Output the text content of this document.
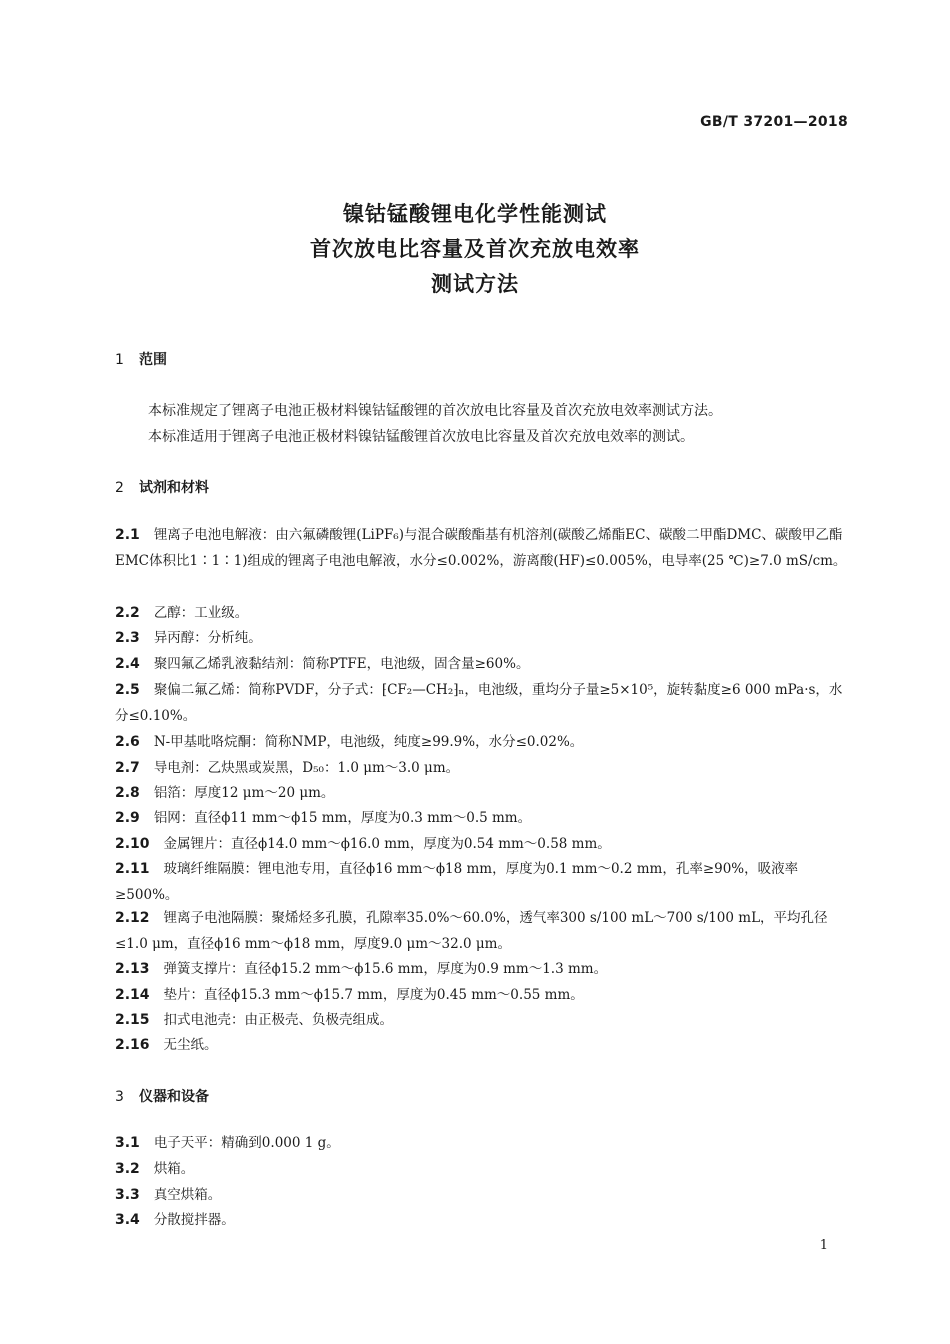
GB/T 37201—2018
镍钴锰酸锂电化学性能测试
首次放电比容量及首次充放电效率
测试方法
1 范围
本标准规定了锂离子电池正极材料镍钴锰酸锂的首次放电比容量及首次充放电效率测试方法。
本标准适用于锂离子电池正极材料镍钴锰酸锂首次放电比容量及首次充放电效率的测试。
2 试剂和材料
2.1 锂离子电池电解液：由六氟磷酸锂(LiPF₆)与混合碳酸酯基有机溶剂(碳酸乙烯酯EC、碳酸二甲酯DMC、碳酸甲乙酯EMC体积比1∶1∶1)组成的锂离子电池电解液，水分≤0.002%，游离酸(HF)≤0.005%，电导率(25 ℃)≥7.0 mS/cm。
2.2 乙醇：工业级。
2.3 异丙醇：分析纯。
2.4 聚四氟乙烯乳液黏结剂：简称PTFE，电池级，固含量≥60%。
2.5 聚偏二氟乙烯：简称PVDF，分子式：⁅CF₂—CH₂⁆ₙ，电池级，重均分子量≥5×10⁵，旋转黏度≥6 000 mPa·s，水分≤0.10%。
2.6 N-甲基吡咯烷酮：简称NMP，电池级，纯度≥99.9%，水分≤0.02%。
2.7 导电剂：乙炔黑或炭黑，D₅₀：1.0 μm～3.0 μm。
2.8 铝箔：厚度12 μm～20 μm。
2.9 铝网：直径ϕ11 mm～ϕ15 mm，厚度为0.3 mm～0.5 mm。
2.10 金属锂片：直径ϕ14.0 mm～ϕ16.0 mm，厚度为0.54 mm～0.58 mm。
2.11 玻璃纤维隔膜：锂电池专用，直径ϕ16 mm～ϕ18 mm，厚度为0.1 mm～0.2 mm，孔率≥90%，吸液率≥500%。
2.12 锂离子电池隔膜：聚烯烃多孔膜，孔隙率35.0%～60.0%，透气率300 s/100 mL～700 s/100 mL，平均孔径≤1.0 μm，直径ϕ16 mm～ϕ18 mm，厚度9.0 μm～32.0 μm。
2.13 弹簧支撑片：直径ϕ15.2 mm～ϕ15.6 mm，厚度为0.9 mm～1.3 mm。
2.14 垫片：直径ϕ15.3 mm～ϕ15.7 mm，厚度为0.45 mm～0.55 mm。
2.15 扣式电池壳：由正极壳、负极壳组成。
2.16 无尘纸。
3 仪器和设备
3.1 电子天平：精确到0.000 1 g。
3.2 烘箱。
3.3 真空烘箱。
3.4 分散搅拌器。
1
